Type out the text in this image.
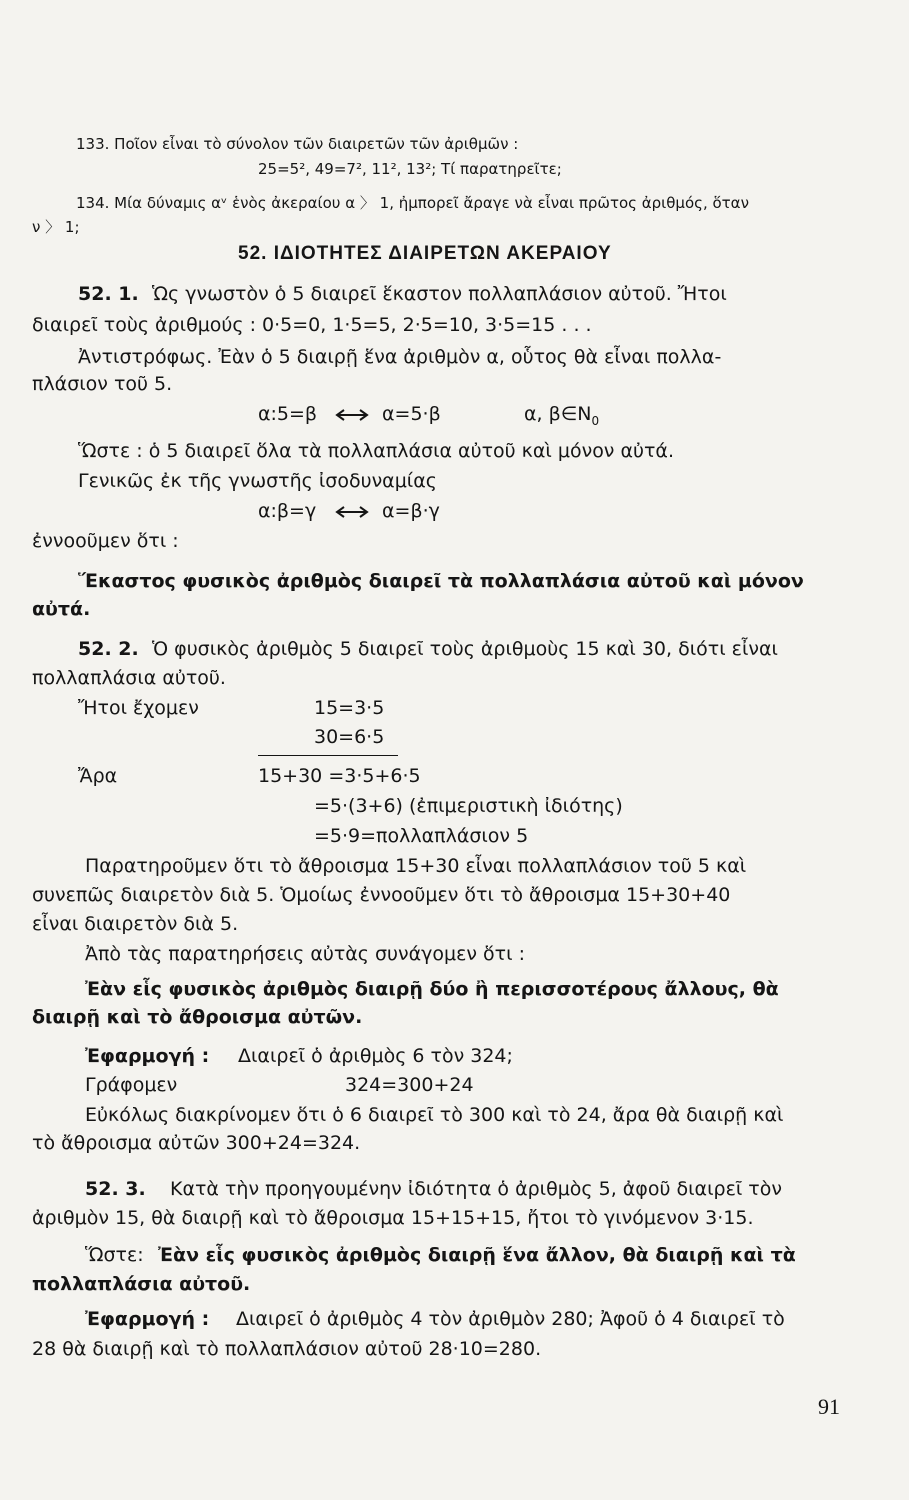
133. Ποῖον εἶναι τὸ σύνολον τῶν διαιρετῶν τῶν ἀριθμῶν :
25=5², 49=7², 11², 13²; Τί παρατηρεῖτε;
134. Μία δύναμις αᵛ ἑνὸς ἀκεραίου α 〉 1, ἠμπορεῖ ἄραγε νὰ εἶναι πρῶτος ἀριθμός, ὅταν
ν 〉 1;
52. ΙΔΙΟΤΗΤΕΣ ΔΙΑΙΡΕΤΩΝ ΑΚΕΡΑΙΟΥ
52. 1. Ὡς γνωστὸν ὁ 5 διαιρεῖ ἕκαστον πολλαπλάσιον αὐτοῦ. Ἤτοι
διαιρεῖ τοὺς ἀριθμούς : 0·5=0, 1·5=5, 2·5=10, 3·5=15 . . .
Ἀντιστρόφως. Ἐὰν ὁ 5 διαιρῇ ἕνα ἀριθμὸν α, οὗτος θὰ εἶναι πολλα-
πλάσιον τοῦ 5.
α:5=β	α=5·β	α, $\beta\in N_0$
Ὥστε : ὁ 5 διαιρεῖ ὅλα τὰ πολλαπλάσια αὐτοῦ καὶ μόνον αὐτά.
Γενικῶς ἐκ τῆς γνωστῆς ἰσοδυναμίας
α:β=γ	α=β·γ
ἐννοοῦμεν ὅτι :
Ἕκαστος φυσικὸς ἀριθμὸς διαιρεῖ τὰ πολλαπλάσια αὐτοῦ καὶ μόνον
αὐτά.
52. 2. Ὁ φυσικὸς ἀριθμὸς 5 διαιρεῖ τοὺς ἀριθμοὺς 15 καὶ 30, διότι εἶναι
πολλαπλάσια αὐτοῦ.
Ἤτοι ἔχομεν	15=3·5
30=6·5
Ἄρα	15+30 =3·5+6·5
=5·(3+6) (ἐπιμεριστικὴ ἰδιότης)
=5·9=πολλαπλάσιον 5
Παρατηροῦμεν ὅτι τὸ ἄθροισμα 15+30 εἶναι πολλαπλάσιον τοῦ 5 καὶ
συνεπῶς διαιρετὸν διὰ 5. Ὁμοίως ἐννοοῦμεν ὅτι τὸ ἄθροισμα 15+30+40
εἶναι διαιρετὸν διὰ 5.
Ἀπὸ τὰς παρατηρήσεις αὐτὰς συνάγομεν ὅτι :
Ἐὰν εἷς φυσικὸς ἀριθμὸς διαιρῇ δύο ἢ περισσοτέρους ἄλλους, θὰ
διαιρῇ καὶ τὸ ἄθροισμα αὐτῶν.
Ἐφαρμογή : Διαιρεῖ ὁ ἀριθμὸς 6 τὸν 324;
Γράφομεν	324=300+24
Εὐκόλως διακρίνομεν ὅτι ὁ 6 διαιρεῖ τὸ 300 καὶ τὸ 24, ἄρα θὰ διαιρῇ καὶ
τὸ ἄθροισμα αὐτῶν 300+24=324.
52. 3. Κατὰ τὴν προηγουμένην ἰδιότητα ὁ ἀριθμὸς 5, ἀφοῦ διαιρεῖ τὸν
ἀριθμὸν 15, θὰ διαιρῇ καὶ τὸ ἄθροισμα 15+15+15, ἤτοι τὸ γινόμενον 3·15.
Ὥστε: Ἐὰν εἷς φυσικὸς ἀριθμὸς διαιρῇ ἕνα ἄλλον, θὰ διαιρῇ καὶ τὰ
πολλαπλάσια αὐτοῦ.
Ἐφαρμογή : Διαιρεῖ ὁ ἀριθμὸς 4 τὸν ἀριθμὸν 280; Ἀφοῦ ὁ 4 διαιρεῖ τὸ
28 θὰ διαιρῇ καὶ τὸ πολλαπλάσιον αὐτοῦ 28·10=280.
91
